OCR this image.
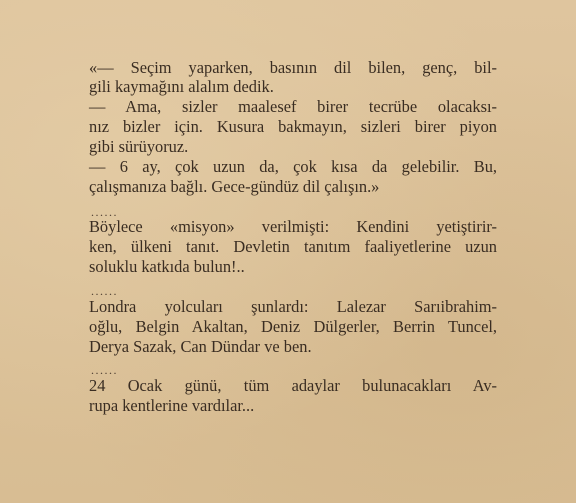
«— Seçim yaparken, basının dil bilen, genç, bil-
gili kaymağını alalım dedik.
— Ama, sizler maalesef birer tecrübe olacaksı-
nız bizler için. Kusura bakmayın, sizleri birer piyon
gibi sürüyoruz.
— 6 ay, çok uzun da, çok kısa da gelebilir. Bu,
çalışmanıza bağlı. Gece-gündüz dil çalışın.»
Böylece «misyon» verilmişti: Kendini yetiştirir-
ken, ülkeni tanıt. Devletin tanıtım faaliyetlerine uzun
soluklu katkıda bulun!..
Londra yolcuları şunlardı: Lalezar Sarıibrahim-
oğlu, Belgin Akaltan, Deniz Dülgerler, Berrin Tuncel,
Derya Sazak, Can Dündar ve ben.
24 Ocak günü, tüm adaylar bulunacakları Av-
rupa kentlerine vardılar...
......
......
......
